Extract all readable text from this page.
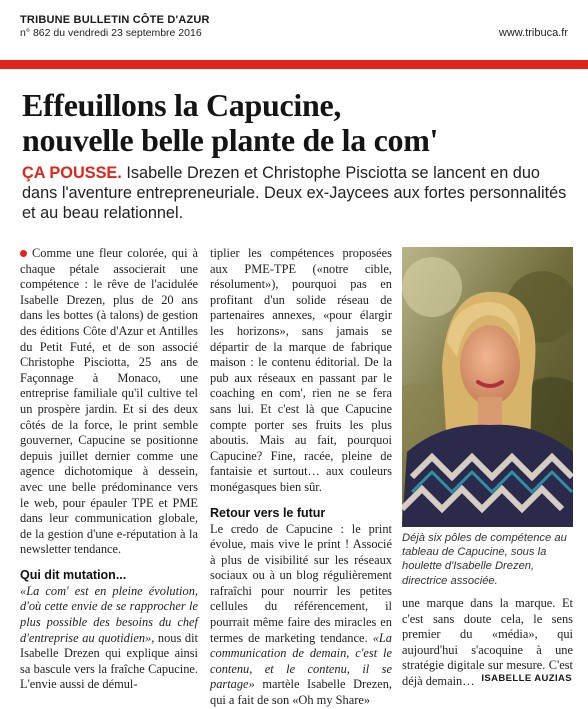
TRIBUNE BULLETIN CÔTE D'AZUR
n° 862 du vendredi 23 septembre 2016	www.tribuca.fr
Effeuillons la Capucine,
nouvelle belle plante de la com'
ÇA POUSSE. Isabelle Drezen et Christophe Pisciotta se lancent en duo dans l'aventure entrepreneuriale. Deux ex-Jaycees aux fortes personnalités et au beau relationnel.

Comme une fleur colorée, qui à chaque pétale associerait une compétence : le rêve de l'acidulée Isabelle Drezen, plus de 20 ans dans les bottes (à talons) de gestion des éditions Côte d'Azur et Antilles du Petit Futé, et de son associé Christophe Pisciotta, 25 ans de Façonnage à Monaco, une entreprise familiale qu'il cultive tel un prospère jardin. Et si des deux côtés de la force, le print semble gouverner, Capucine se positionne depuis juillet dernier comme une agence dichotomique à dessein, avec une belle prédominance vers le web, pour épauler TPE et PME dans leur communication globale, de la gestion d'une e-réputation à la newsletter tendance.

Qui dit mutation...

«La com' est en pleine évolution, d'où cette envie de se rapprocher le plus possible des besoins du chef d'entreprise au quotidien», nous dit Isabelle Drezen qui explique ainsi sa bascule vers la fraîche Capucine. L'envie aussi de démul-

tiplier les compétences proposées aux PME-TPE («notre cible, résolument»), pourquoi pas en profitant d'un solide réseau de partenaires annexes, «pour élargir les horizons», sans jamais se départir de la marque de fabrique maison : le contenu éditorial. De la pub aux réseaux en passant par le coaching en com', rien ne se fera sans lui. Et c'est là que Capucine compte porter ses fruits les plus aboutis. Mais au fait, pourquoi Capucine? Fine, racée, pleine de fantaisie et surtout… aux couleurs monégasques bien sûr.

Retour vers le futur

Le credo de Capucine : le print évolue, mais vive le print ! Associé à plus de visibilité sur les réseaux sociaux ou à un blog régulièrement rafraîchi pour nourrir les petites cellules du référencement, il pourrait même faire des miracles en termes de marketing tendance. «La communication de demain, c'est le contenu, et le contenu, il se partage» martèle Isabelle Drezen, qui a fait de son «Oh my Share»

Déjà six pôles de compétence au tableau de Capucine, sous la houlette d'Isabelle Drezen, directrice associée.

une marque dans la marque. Et c'est sans doute cela, le sens premier du «média», qui aujourd'hui s'acoquine à une stratégie digitale sur mesure. C'est déjà demain… ISABELLE AUZIAS
